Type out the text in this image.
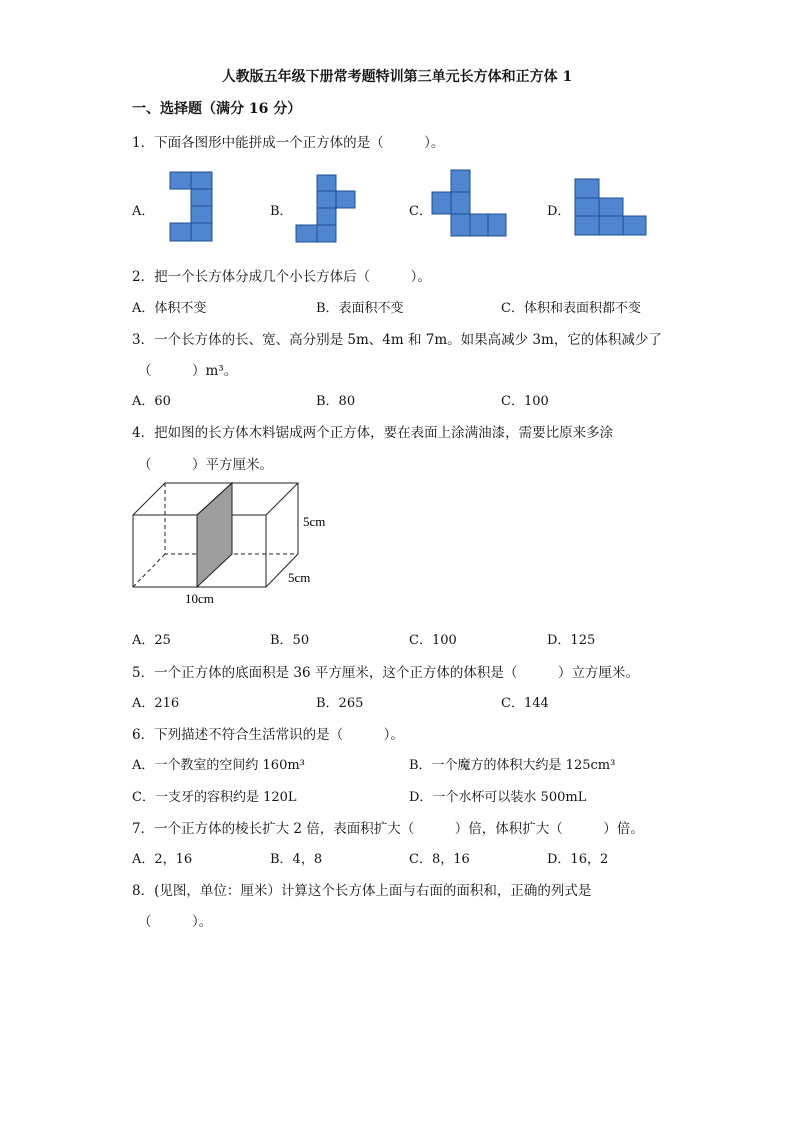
人教版五年级下册常考题特训第三单元长方体和正方体 1
一、选择题（满分 16 分）
1．下面各图形中能拼成一个正方体的是（　　　）。
A．	B．	C．	D．
2．把一个长方体分成几个小长方体后（　　　）。
A．体积不变	B．表面积不变	C．体积和表面积都不变
3．一个长方体的长、宽、高分别是 5m、4m 和 7m。如果高减少 3m，它的体积减少了
（　　　）m³。
A．60	B．80	C．100
4．把如图的长方体木料锯成两个正方体，要在表面上涂满油漆，需要比原来多涂
（　　　）平方厘米。
5cm
5cm
10cm
A．25	B．50	C．100	D．125
5．一个正方体的底面积是 36 平方厘米，这个正方体的体积是（　　　）立方厘米。
A．216	B．265	C．144
6．下列描述不符合生活常识的是（　　　）。
A．一个教室的空间约 160m³	B．一个魔方的体积大约是 125cm³
C．一支牙的容积约是 120L	D．一个水杯可以装水 500mL
7．一个正方体的棱长扩大 2 倍，表面积扩大（　　　）倍，体积扩大（　　　）倍。
A．2，16	B．4，8	C．8，16	D．16，2
8．(见图，单位：厘米）计算这个长方体上面与右面的面积和，正确的列式是
（　　　）。
